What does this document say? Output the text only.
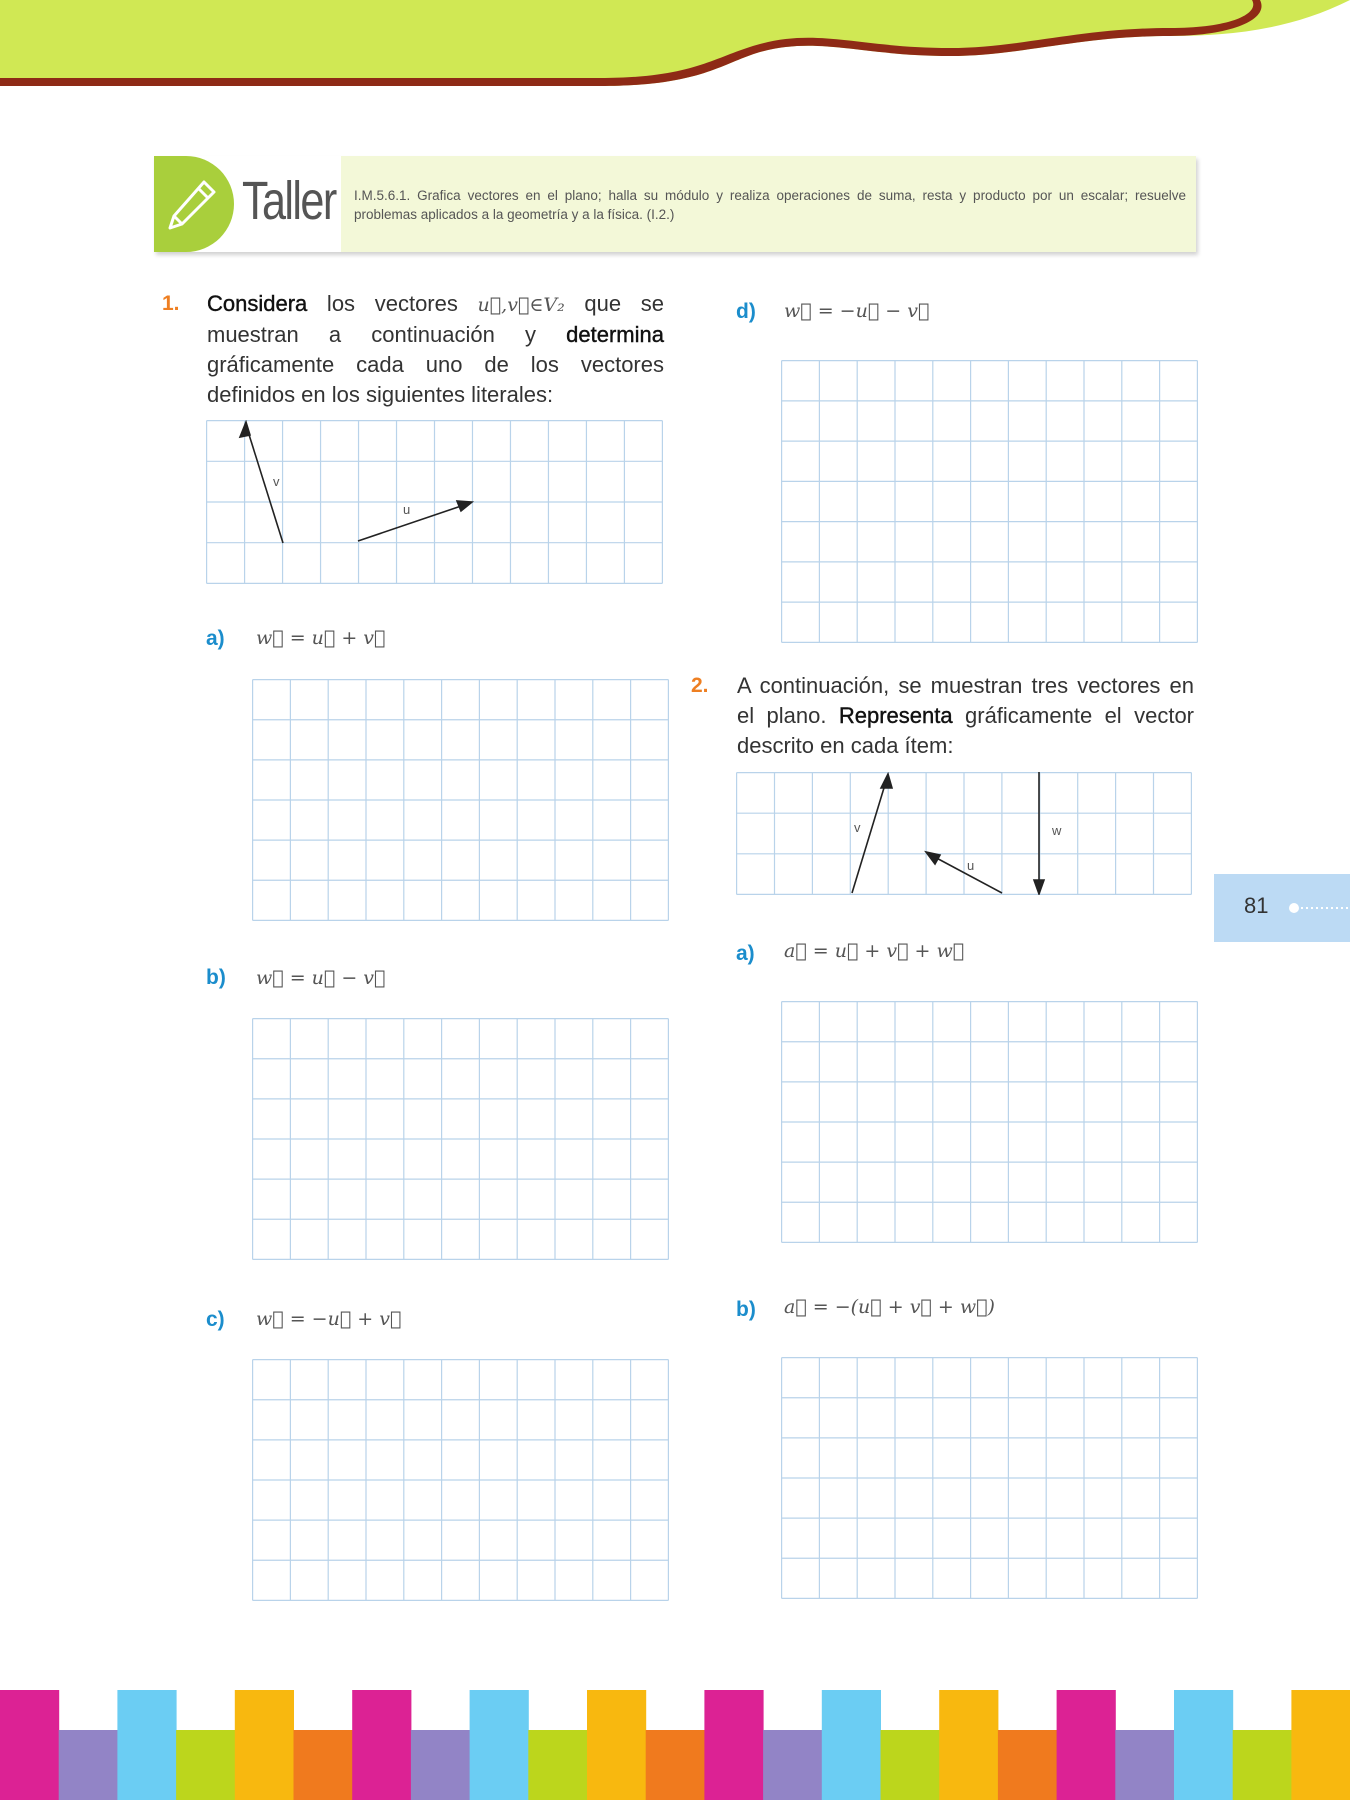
Taller I.M.5.6.1. Grafica vectores en el plano; halla su módulo y realiza operaciones de suma, resta y producto por un escalar; resuelve problemas aplicados a la geometría y a la física. (I.2.)
1. Considera los vectores u⃗,v⃗∈V₂ que se muestran a continuación y determina gráficamente cada uno de los vectores definidos en los siguientes literales:
v
u
a) w⃗ = u⃗ + v⃗
b) w⃗ = u⃗ − v⃗
c) w⃗ = −u⃗ + v⃗
d) w⃗ = −u⃗ − v⃗
2. A continuación, se muestran tres vectores en el plano. Representa gráficamente el vector descrito en cada ítem:
v
u
w
a) a⃗ = u⃗ + v⃗ + w⃗
b) a⃗ = −(u⃗ + v⃗ + w⃗)
81
